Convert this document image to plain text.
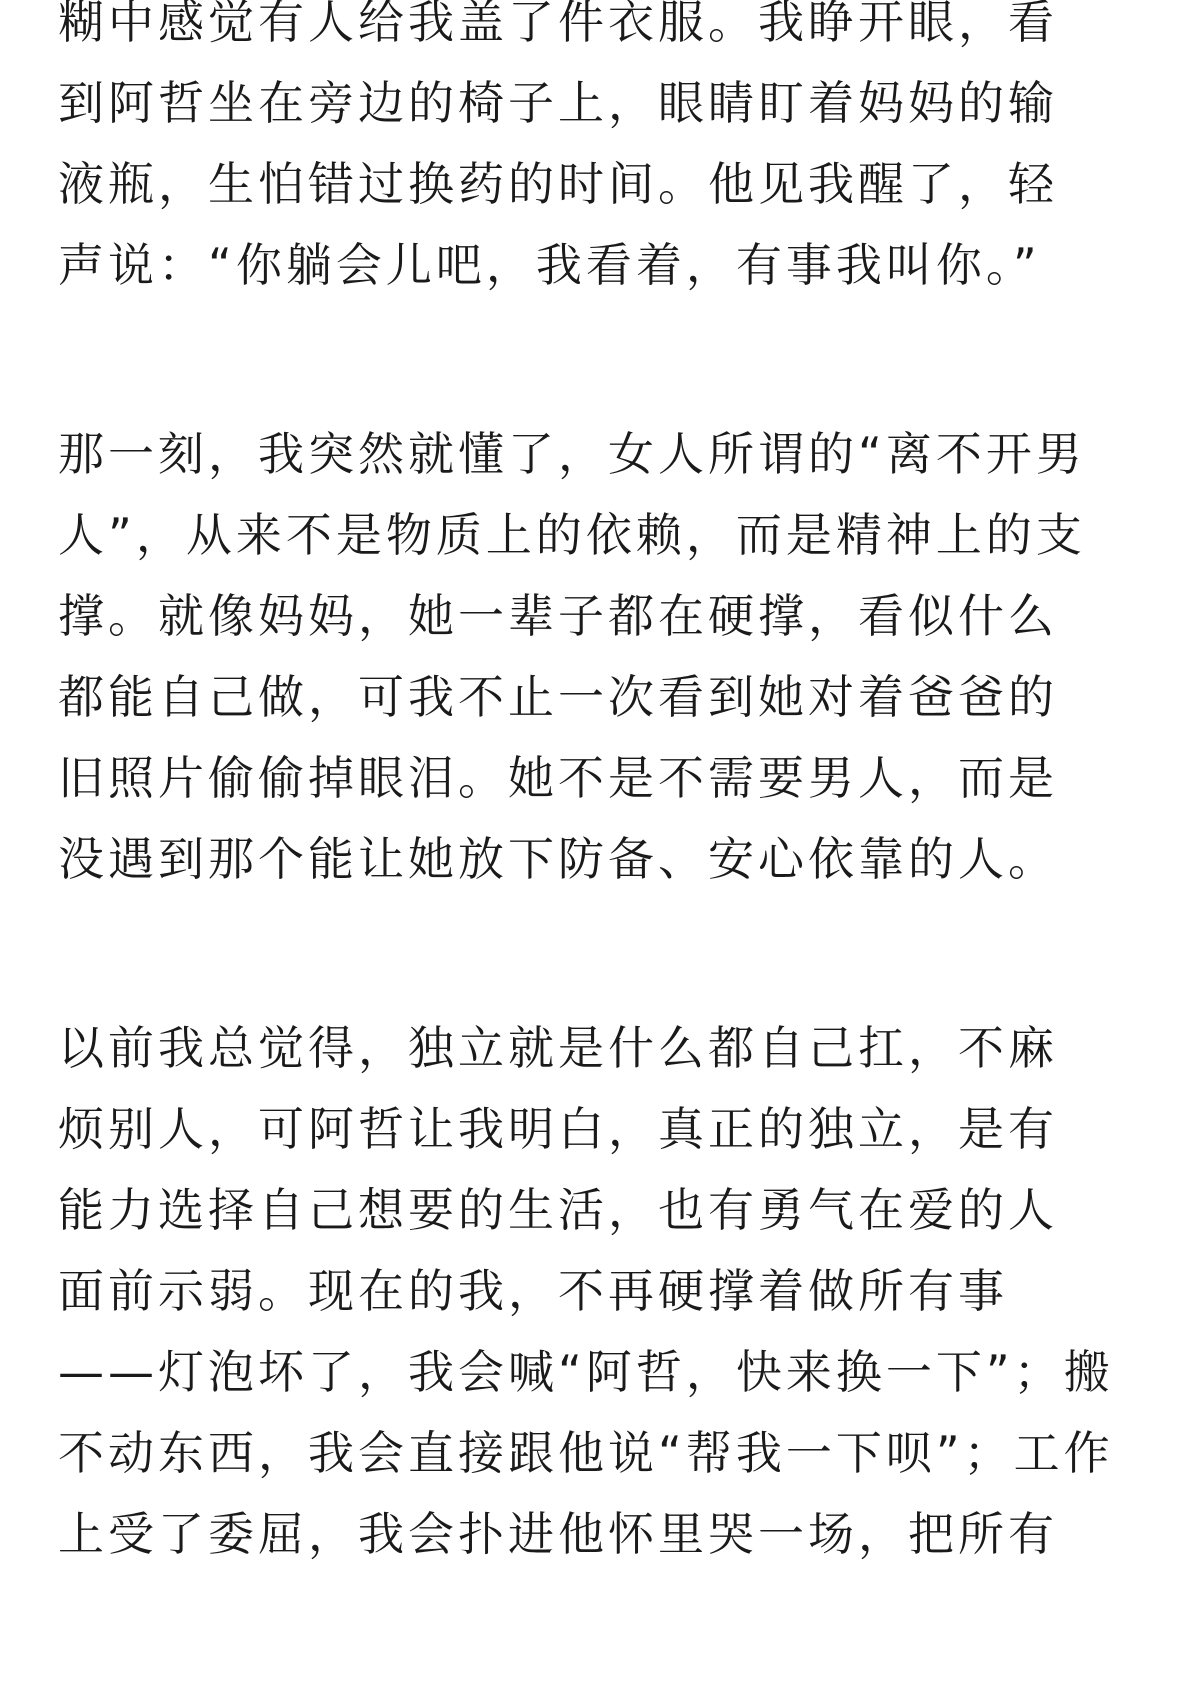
糊中感觉有人给我盖了件衣服。我睁开眼，看
到阿哲坐在旁边的椅子上，眼睛盯着妈妈的输
液瓶，生怕错过换药的时间。他见我醒了，轻
声说：“你躺会儿吧，我看着，有事我叫你。”
那一刻，我突然就懂了，女人所谓的“离不开男
人”，从来不是物质上的依赖，而是精神上的支
撑。就像妈妈，她一辈子都在硬撑，看似什么
都能自己做，可我不止一次看到她对着爸爸的
旧照片偷偷掉眼泪。她不是不需要男人，而是
没遇到那个能让她放下防备、安心依靠的人。
以前我总觉得，独立就是什么都自己扛，不麻
烦别人，可阿哲让我明白，真正的独立，是有
能力选择自己想要的生活，也有勇气在爱的人
面前示弱。现在的我，不再硬撑着做所有事
——灯泡坏了，我会喊“阿哲，快来换一下”；搬
不动东西，我会直接跟他说“帮我一下呗”；工作
上受了委屈，我会扑进他怀里哭一场，把所有
